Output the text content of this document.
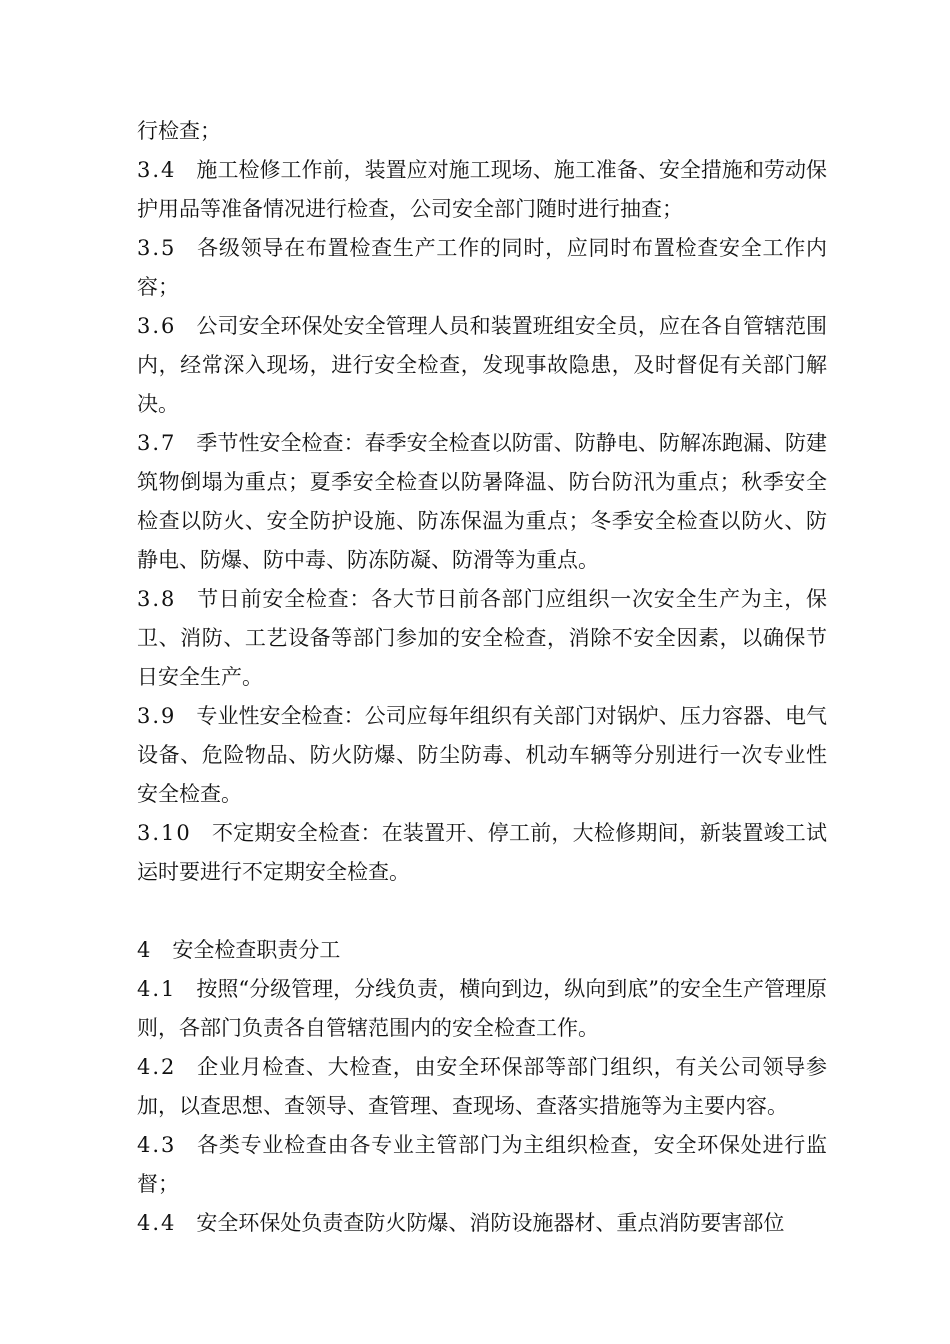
行检查；

3.4 施工检修工作前，装置应对施工现场、施工准备、安全措施和劳动保护用品等准备情况进行检查，公司安全部门随时进行抽查；

3.5 各级领导在布置检查生产工作的同时，应同时布置检查安全工作内容；

3.6 公司安全环保处安全管理人员和装置班组安全员，应在各自管辖范围内，经常深入现场，进行安全检查，发现事故隐患，及时督促有关部门解决。

3.7 季节性安全检查：春季安全检查以防雷、防静电、防解冻跑漏、防建筑物倒塌为重点；夏季安全检查以防暑降温、防台防汛为重点；秋季安全检查以防火、安全防护设施、防冻保温为重点；冬季安全检查以防火、防静电、防爆、防中毒、防冻防凝、防滑等为重点。

3.8 节日前安全检查：各大节日前各部门应组织一次安全生产为主，保卫、消防、工艺设备等部门参加的安全检查，消除不安全因素，以确保节日安全生产。

3.9 专业性安全检查：公司应每年组织有关部门对锅炉、压力容器、电气设备、危险物品、防火防爆、防尘防毒、机动车辆等分别进行一次专业性安全检查。

3.10 不定期安全检查：在装置开、停工前，大检修期间，新装置竣工试运时要进行不定期安全检查。

4 安全检查职责分工

4.1 按照“分级管理，分线负责，横向到边，纵向到底”的安全生产管理原则，各部门负责各自管辖范围内的安全检查工作。

4.2 企业月检查、大检查，由安全环保部等部门组织，有关公司领导参加，以查思想、查领导、查管理、查现场、查落实措施等为主要内容。

4.3 各类专业检查由各专业主管部门为主组织检查，安全环保处进行监督；

4.4 安全环保处负责查防火防爆、消防设施器材、重点消防要害部位
